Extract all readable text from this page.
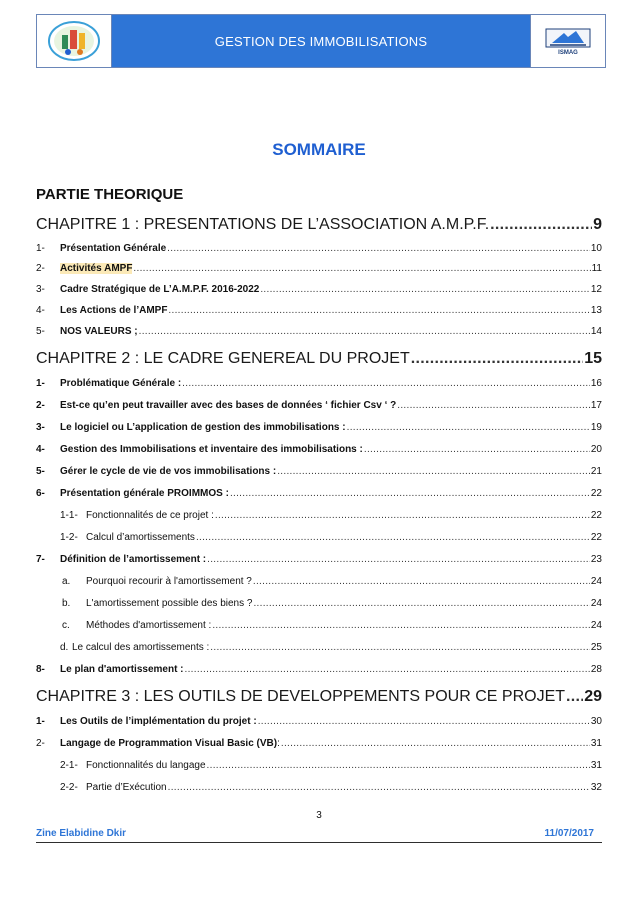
GESTION DES IMMOBILISATIONS
ISMAG
SOMMAIRE
PARTIE THEORIQUE
CHAPITRE 1 : PRESENTATIONS DE L’ASSOCIATION A.M.P.F. .....	9
1-	Présentation Générale .....	10
2-	Activités AMPF .....	11
3-	Cadre Stratégique de L’A.M.P.F. 2016-2022 .....	12
4-	Les Actions de l’AMPF .....	13
5-	NOS VALEURS ; .....	14
CHAPITRE 2 : LE CADRE GENEREAL DU PROJET .....	15
1-	Problématique Générale : .....	16
2-	Est-ce qu’en peut travailler avec des bases de données ‘ fichier Csv ‘ ? .....	17
3-	Le logiciel ou L’application de gestion des immobilisations : .....	19
4-	Gestion des Immobilisations et inventaire des immobilisations : .....	20
5-	Gérer le cycle de vie de vos immobilisations : .....	21
6-	Présentation générale PROIMMOS : .....	22
1-1- Fonctionnalités de ce projet : .....	22
1-2- Calcul d’amortissements .....	22
7-	Définition de l’amortissement : .....	23
a.	Pourquoi recourir à l'amortissement ? .....	24
b.	L'amortissement possible des biens ? .....	24
c.	Méthodes d'amortissement : .....	24
d. Le calcul des amortissements : .....	25
8-	Le plan d'amortissement : .....	28
CHAPITRE 3 : LES OUTILS DE DEVELOPPEMENTS POUR CE PROJET ..... 29
1-	Les Outils de l’implémentation du projet : .....	30
2-	Langage de Programmation Visual Basic (VB) : .....	31
2-1- Fonctionnalités du langage .....	31
2-2- Partie d’Exécution .....	32
3
Zine Elabidine Dkir	11/07/2017
